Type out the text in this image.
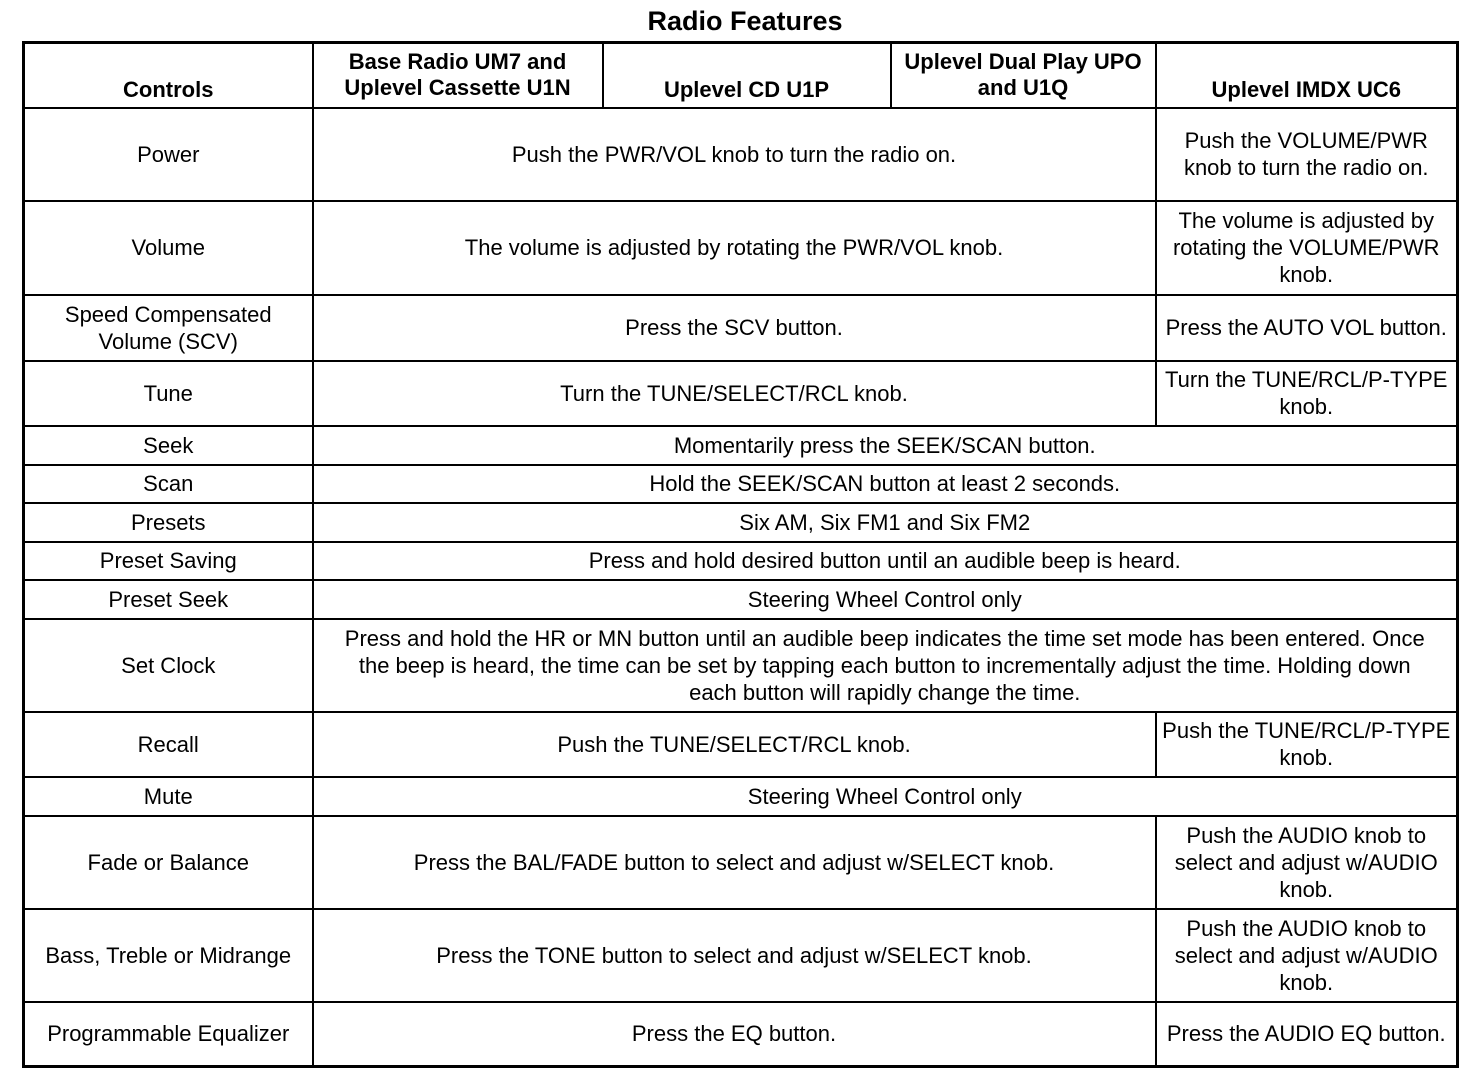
Radio Features
Controls	Base Radio UM7 and Uplevel Cassette U1N	Uplevel CD U1P	Uplevel Dual Play UPO and U1Q	Uplevel IMDX UC6
Power	Push the PWR/VOL knob to turn the radio on.			Push the VOLUME/PWR knob to turn the radio on.
Volume	The volume is adjusted by rotating the PWR/VOL knob.			The volume is adjusted by rotating the VOLUME/PWR knob.
Speed Compensated Volume (SCV)	Press the SCV button.			Press the AUTO VOL button.
Tune	Turn the TUNE/SELECT/RCL knob.			Turn the TUNE/RCL/P-TYPE knob.
Seek	Momentarily press the SEEK/SCAN button.			
Scan	Hold the SEEK/SCAN button at least 2 seconds.			
Presets	Six AM, Six FM1 and Six FM2			
Preset Saving	Press and hold desired button until an audible beep is heard.			
Preset Seek	Steering Wheel Control only			
Set Clock	Press and hold the HR or MN button until an audible beep indicates the time set mode has been entered. Once the beep is heard, the time can be set by tapping each button to incrementally adjust the time. Holding down each button will rapidly change the time.			
Recall	Push the TUNE/SELECT/RCL knob.			Push the TUNE/RCL/P-TYPE knob.
Mute	Steering Wheel Control only			
Fade or Balance	Press the BAL/FADE button to select and adjust w/SELECT knob.			Push the AUDIO knob to select and adjust w/AUDIO knob.
Bass, Treble or Midrange	Press the TONE button to select and adjust w/SELECT knob.			Push the AUDIO knob to select and adjust w/AUDIO knob.
Programmable Equalizer	Press the EQ button.			Press the AUDIO EQ button.
